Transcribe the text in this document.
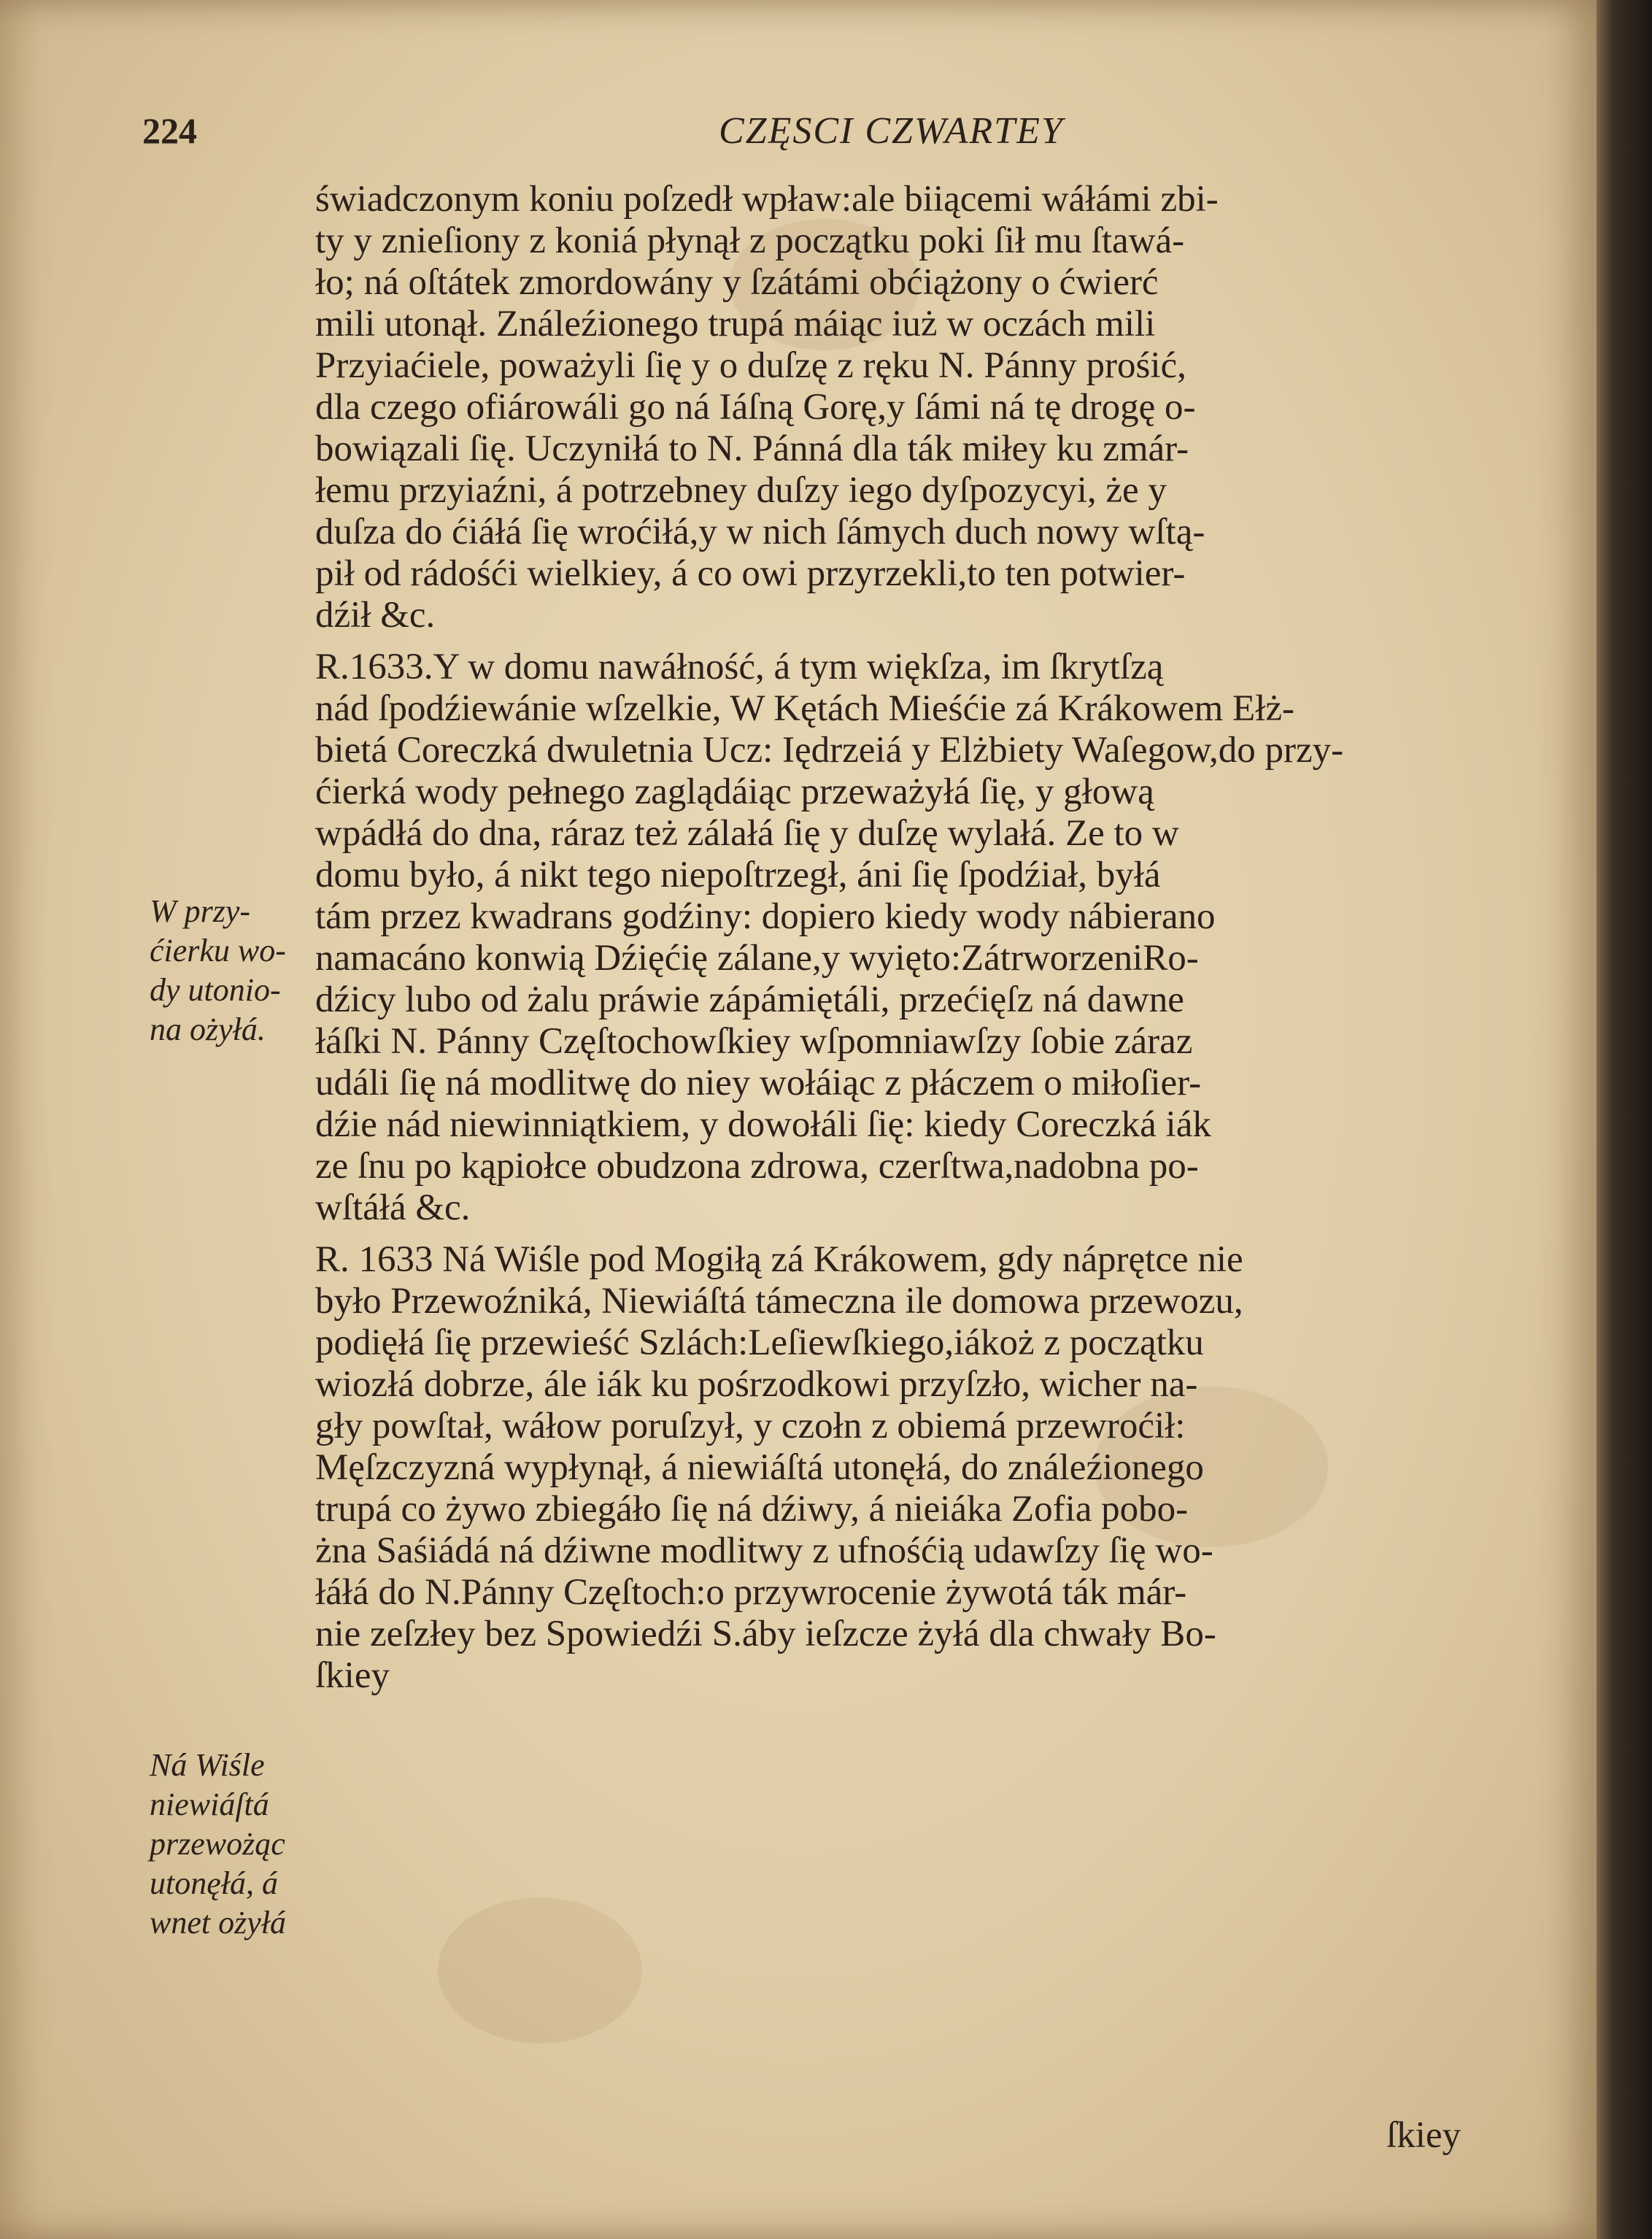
224	CZĘSCI CZWARTEY
świadczonym koniu poſzedł wpław:ale biiącemi wáłámi zbi-
ty y znieſiony z koniá płynął z początku poki ſił mu ſtawá-
ło; ná oſtátek zmordowány y ſzátámi obćiążony o ćwierć
mili utonął. Ználeźionego trupá máiąc iuż w oczách mili
Przyiaćiele, poważyli ſię y o duſzę z ręku N. Pánny prośić,
dla czego ofiárowáli go ná Iáſną Gorę,y ſámi ná tę drogę o-
bowiązali ſię. Uczyniłá to N. Pánná dla ták miłey ku zmár-
łemu przyiaźni, á potrzebney duſzy iego dyſpozycyi, że y
duſza do ćiáłá ſię wroćiłá,y w nich ſámych duch nowy wſtą-
pił od rádośći wielkiey, á co owi przyrzekli,to ten potwier-
dźił &c.
R.1633.Y w domu nawáłność, á tym więkſza, im ſkrytſzą
nád ſpodźiewánie wſzelkie, W Kętách Mieśćie zá Krákowem Ełż-
bietá Coreczká dwuletnia Ucz: Iędrzeiá y Elżbiety Waſegow,do przy-
ćierká wody pełnego zaglądáiąc przeważyłá ſię, y głową
wpádłá do dna, ráraz też zálałá ſię y duſzę wylałá. Ze to w
domu było, á nikt tego niepoſtrzegł, áni ſię ſpodźiał, byłá
tám przez kwadrans godźiny: dopiero kiedy wody nábierano
namacáno konwią Dźięćię zálane,y wyięto:ZátrworzeniRo-
dźicy lubo od żalu práwie zápámiętáli, przećięſz ná dawne
łáſki N. Pánny Częſtochowſkiey wſpomniawſzy ſobie záraz
událi ſię ná modlitwę do niey wołáiąc z płáczem o miłoſier-
dźie nád niewinniątkiem, y dowołáli ſię: kiedy Coreczká iák
ze ſnu po kąpiołce obudzona zdrowa, czerſtwa,nadobna po-
wſtáłá &c.
R. 1633 Ná Wiśle pod Mogiłą zá Krákowem, gdy náprętce nie
było Przewoźniká, Niewiáſtá támeczna ile domowa przewozu,
podięłá ſię przewieść Szlách:Leſiewſkiego,iákoż z początku
wiozłá dobrze, ále iák ku pośrzodkowi przyſzło, wicher na-
gły powſtał, wáłow poruſzył, y czołn z obiemá przewroćił:
Męſzczyzná wypłynął, á niewiáſtá utonęłá, do ználeźionego
trupá co żywo zbiegáło ſię ná dźiwy, á nieiáka Zofia pobo-
żna Saśiádá ná dźiwne modlitwy z ufnośćią udawſzy ſię wo-
łáłá do N.Pánny Częſtoch:o przywrocenie żywotá ták már-
nie zeſzłey bez Spowiedźi S.áby ieſzcze żyłá dla chwały Bo-
ſkiey
W przy-
ćierku wo-
dy utonio-
na ożyłá.
Ná Wiśle
niewiáſtá
przewożąc
utonęłá, á
wnet ożyłá
ſkiey
